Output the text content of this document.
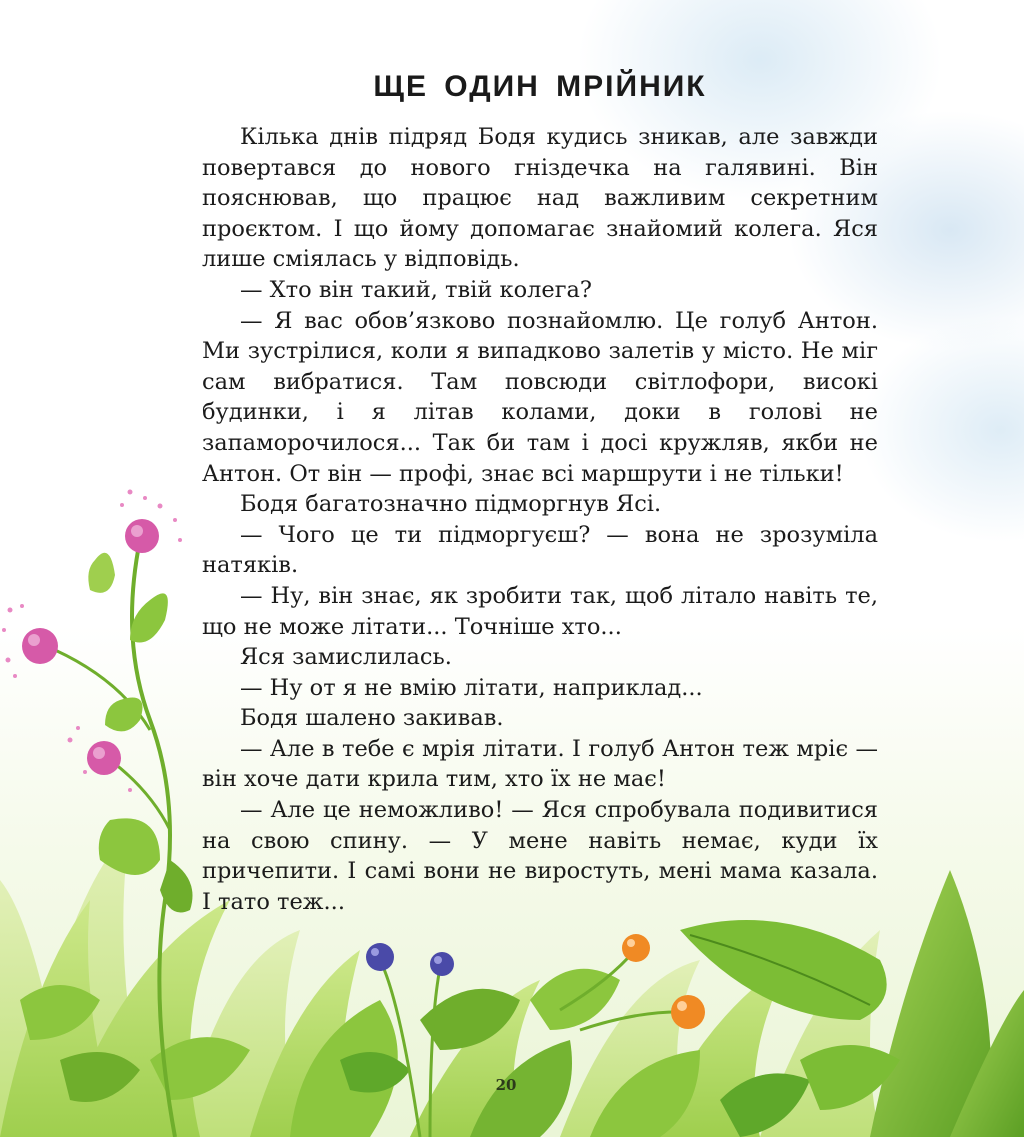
ЩЕ ОДИН МРІЙНИК

Кілька днів підряд Бодя кудись зникав, але завжди повертався до нового гніздечка на галявині. Він пояснював, що працює над важливим секретним проєктом. І що йому допомагає знайомий колега. Яся лише сміялась у відповідь.

— Хто він такий, твій колега?

— Я вас обов’язково познайомлю. Це голуб Антон. Ми зустрілися, коли я випадково залетів у місто. Не міг сам вибратися. Там повсюди світлофори, високі будинки, і я літав колами, доки в голові не запаморочилося... Так би там і досі кружляв, якби не Антон. От він — профі, знає всі маршрути і не тільки!

Бодя багатозначно підморгнув Ясі.

— Чого це ти підморгуєш? — вона не зрозуміла натяків.

— Ну, він знає, як зробити так, щоб літало навіть те, що не може літати... Точніше хто...

Яся замислилась.

— Ну от я не вмію літати, наприклад...

Бодя шалено закивав.

— Але в тебе є мрія літати. І голуб Антон теж мріє — він хоче дати крила тим, хто їх не має!

— Але це неможливо! — Яся спробувала подивитися на свою спину. — У мене навіть немає, куди їх причепити. І самі вони не виростуть, мені мама казала. І тато теж...

20
